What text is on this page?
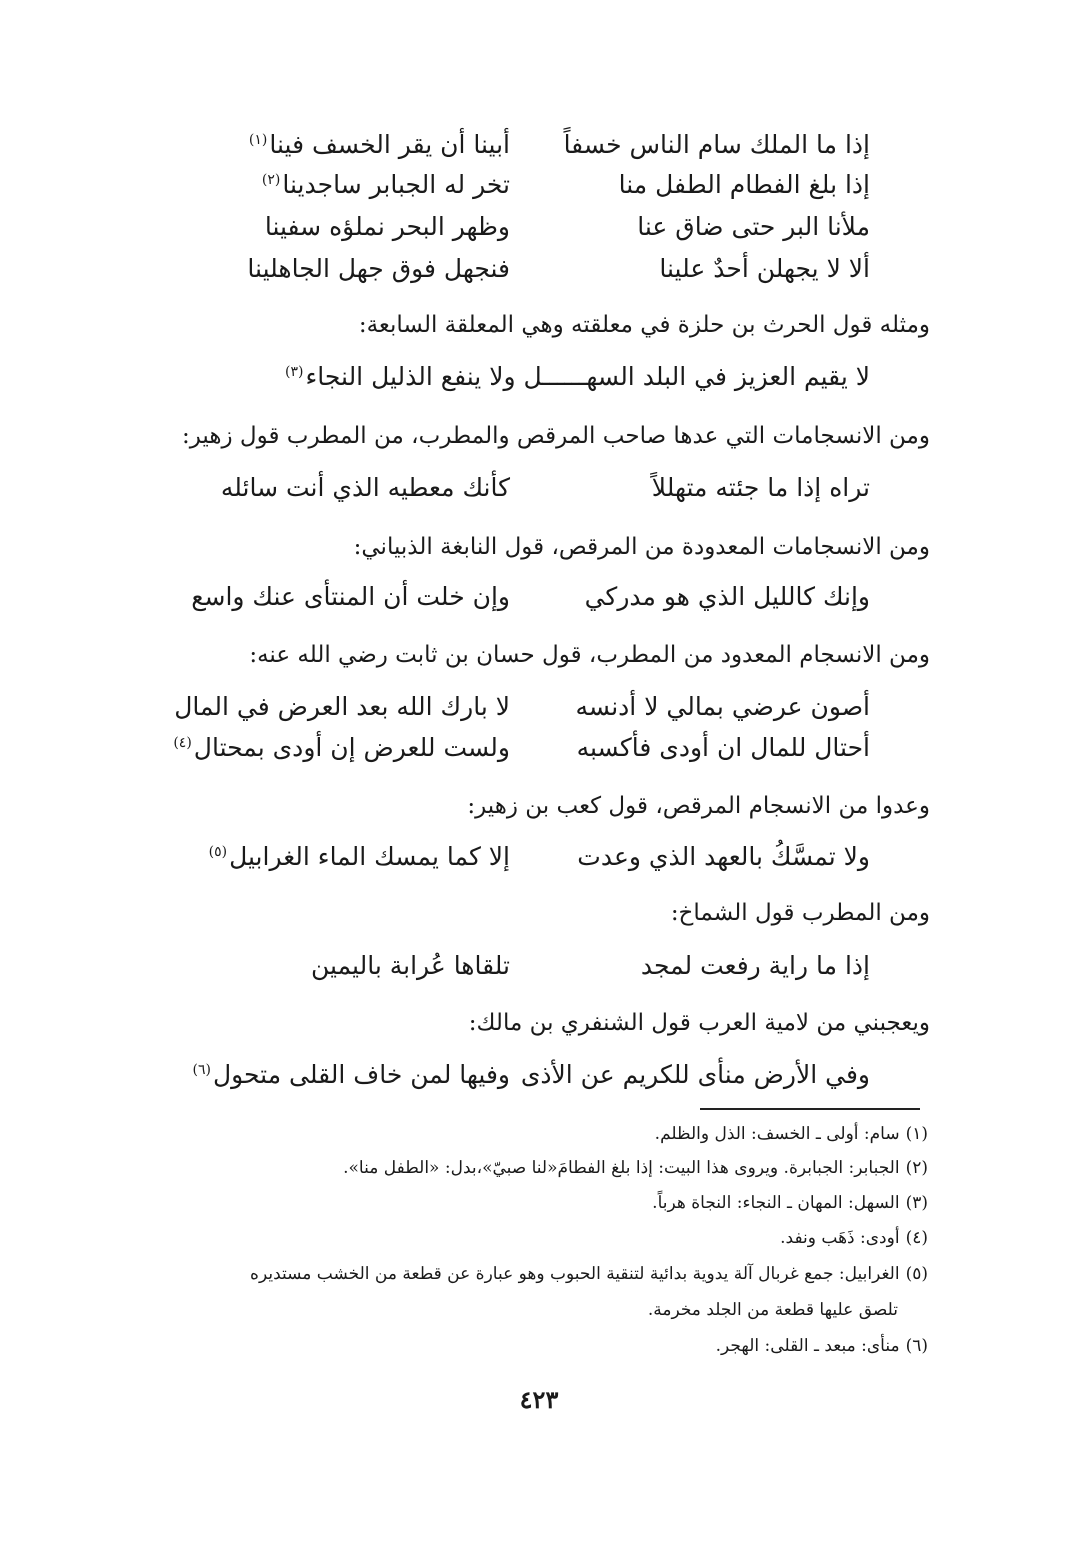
إذا ما الملك سام الناس خسفاً
أبينا أن يقر الخسف فينا$^{(١)}$
إذا بلغ الفطام الطفل منا
تخر له الجبابر ساجدينا$^{(٢)}$
ملأنا البر حتى ضاق عنا
وظهر البحر نملؤه سفينا
ألا لا يجهلن أحدٌ علينا
فنجهل فوق جهل الجاهلينا
ومثله قول الحرث بن حلزة في معلقته وهي المعلقة السابعة:
لا يقيم العزيز في البلد السهــــــل ولا ينفع الذليل النجاء$^{(٣)}$
ومن الانسجامات التي عدها صاحب المرقص والمطرب، من المطرب قول زهير:
تراه إذا ما جئته متهللاً
كأنك معطيه الذي أنت سائله
ومن الانسجامات المعدودة من المرقص، قول النابغة الذبياني:
وإنك كالليل الذي هو مدركي
وإن خلت أن المنتأى عنك واسع
ومن الانسجام المعدود من المطرب، قول حسان بن ثابت رضي الله عنه:
أصون عرضي بمالي لا أدنسه
لا بارك الله بعد العرض في المال
أحتال للمال ان أودى فأكسبه
ولست للعرض إن أودى بمحتال$^{(٤)}$
وعدوا من الانسجام المرقص، قول كعب بن زهير:
ولا تمسَّكُ بالعهد الذي وعدت
إلا كما يمسك الماء الغرابيل$^{(٥)}$
ومن المطرب قول الشماخ:
إذا ما راية رفعت لمجد
تلقاها عُرابة باليمين
ويعجبني من لامية العرب قول الشنفري بن مالك:
وفي الأرض منأى للكريم عن الأذى
وفيها لمن خاف القلى متحول$^{(٦)}$
(١)سام: أولى ـ الخسف: الذل والظلم.
(٢)الجبابر: الجبابرة. ويروى هذا البيت: إذا بلغ الفطامَ«لنا صبيّ»،بدل: «الطفل منا».
(٣)السهل: المهان ـ النجاء: النجاة هرباً.
(٤)أودى: ذَهَب ونفد.
(٥)الغرابيل: جمع غربال آلة يدوية بدائية لتنقية الحبوب وهو عبارة عن قطعة من الخشب مستديره
تلصق عليها قطعة من الجلد مخرمة.
(٦)منأى: مبعد ـ القلى: الهجر.
٤٢٣
